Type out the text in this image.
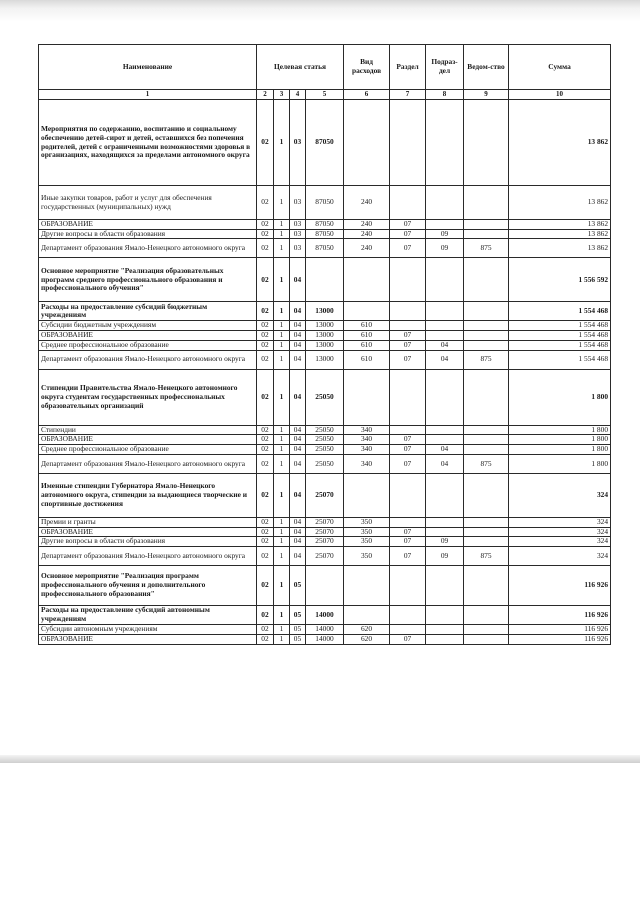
Наименование	Целевая статья				Вид расходов	Раздел	Подраз-дел	Ведом-ство	Сумма
1	2	3	4	5	6	7	8	9	10
Мероприятия по содержанию, воспитанию и социальному обеспечению детей-сирот и детей, оставшихся без попечения родителей, детей с ограниченными возможностями здоровья в организациях, находящихся за пределами автономного округа	02	1	03	87050					13 862
Иные закупки товаров, работ и услуг для обеспечения государственных (муниципальных) нужд	02	1	03	87050	240				13 862
ОБРАЗОВАНИЕ	02	1	03	87050	240	07			13 862
Другие вопросы в области образования	02	1	03	87050	240	07	09		13 862
Департамент образования Ямало-Ненецкого автономного округа	02	1	03	87050	240	07	09	875	13 862
Основное мероприятие "Реализация образовательных программ среднего профессионального образования и профессионального обучения"	02	1	04						1 556 592
Расходы на предоставление субсидий бюджетным учреждениям	02	1	04	13000					1 554 468
Субсидии бюджетным учреждениям	02	1	04	13000	610				1 554 468
ОБРАЗОВАНИЕ	02	1	04	13000	610	07			1 554 468
Среднее профессиональное образование	02	1	04	13000	610	07	04		1 554 468
Департамент образования Ямало-Ненецкого автономного округа	02	1	04	13000	610	07	04	875	1 554 468
Стипендии Правительства Ямало-Ненецкого автономного округа студентам государственных профессиональных образовательных организаций	02	1	04	25050					1 800
Стипендии	02	1	04	25050	340				1 800
ОБРАЗОВАНИЕ	02	1	04	25050	340	07			1 800
Среднее профессиональное образование	02	1	04	25050	340	07	04		1 800
Департамент образования Ямало-Ненецкого автономного округа	02	1	04	25050	340	07	04	875	1 800
Именные стипендии Губернатора Ямало-Ненецкого автономного округа, стипендии за выдающиеся творческие и спортивные достижения	02	1	04	25070					324
Премии и гранты	02	1	04	25070	350				324
ОБРАЗОВАНИЕ	02	1	04	25070	350	07			324
Другие вопросы в области образования	02	1	04	25070	350	07	09		324
Департамент образования Ямало-Ненецкого автономного округа	02	1	04	25070	350	07	09	875	324
Основное мероприятие "Реализация программ профессионального обучения и дополнительного профессионального образования"	02	1	05						116 926
Расходы на предоставление субсидий автономным учреждениям	02	1	05	14000					116 926
Субсидии автономным учреждениям	02	1	05	14000	620				116 926
ОБРАЗОВАНИЕ	02	1	05	14000	620	07			116 926
